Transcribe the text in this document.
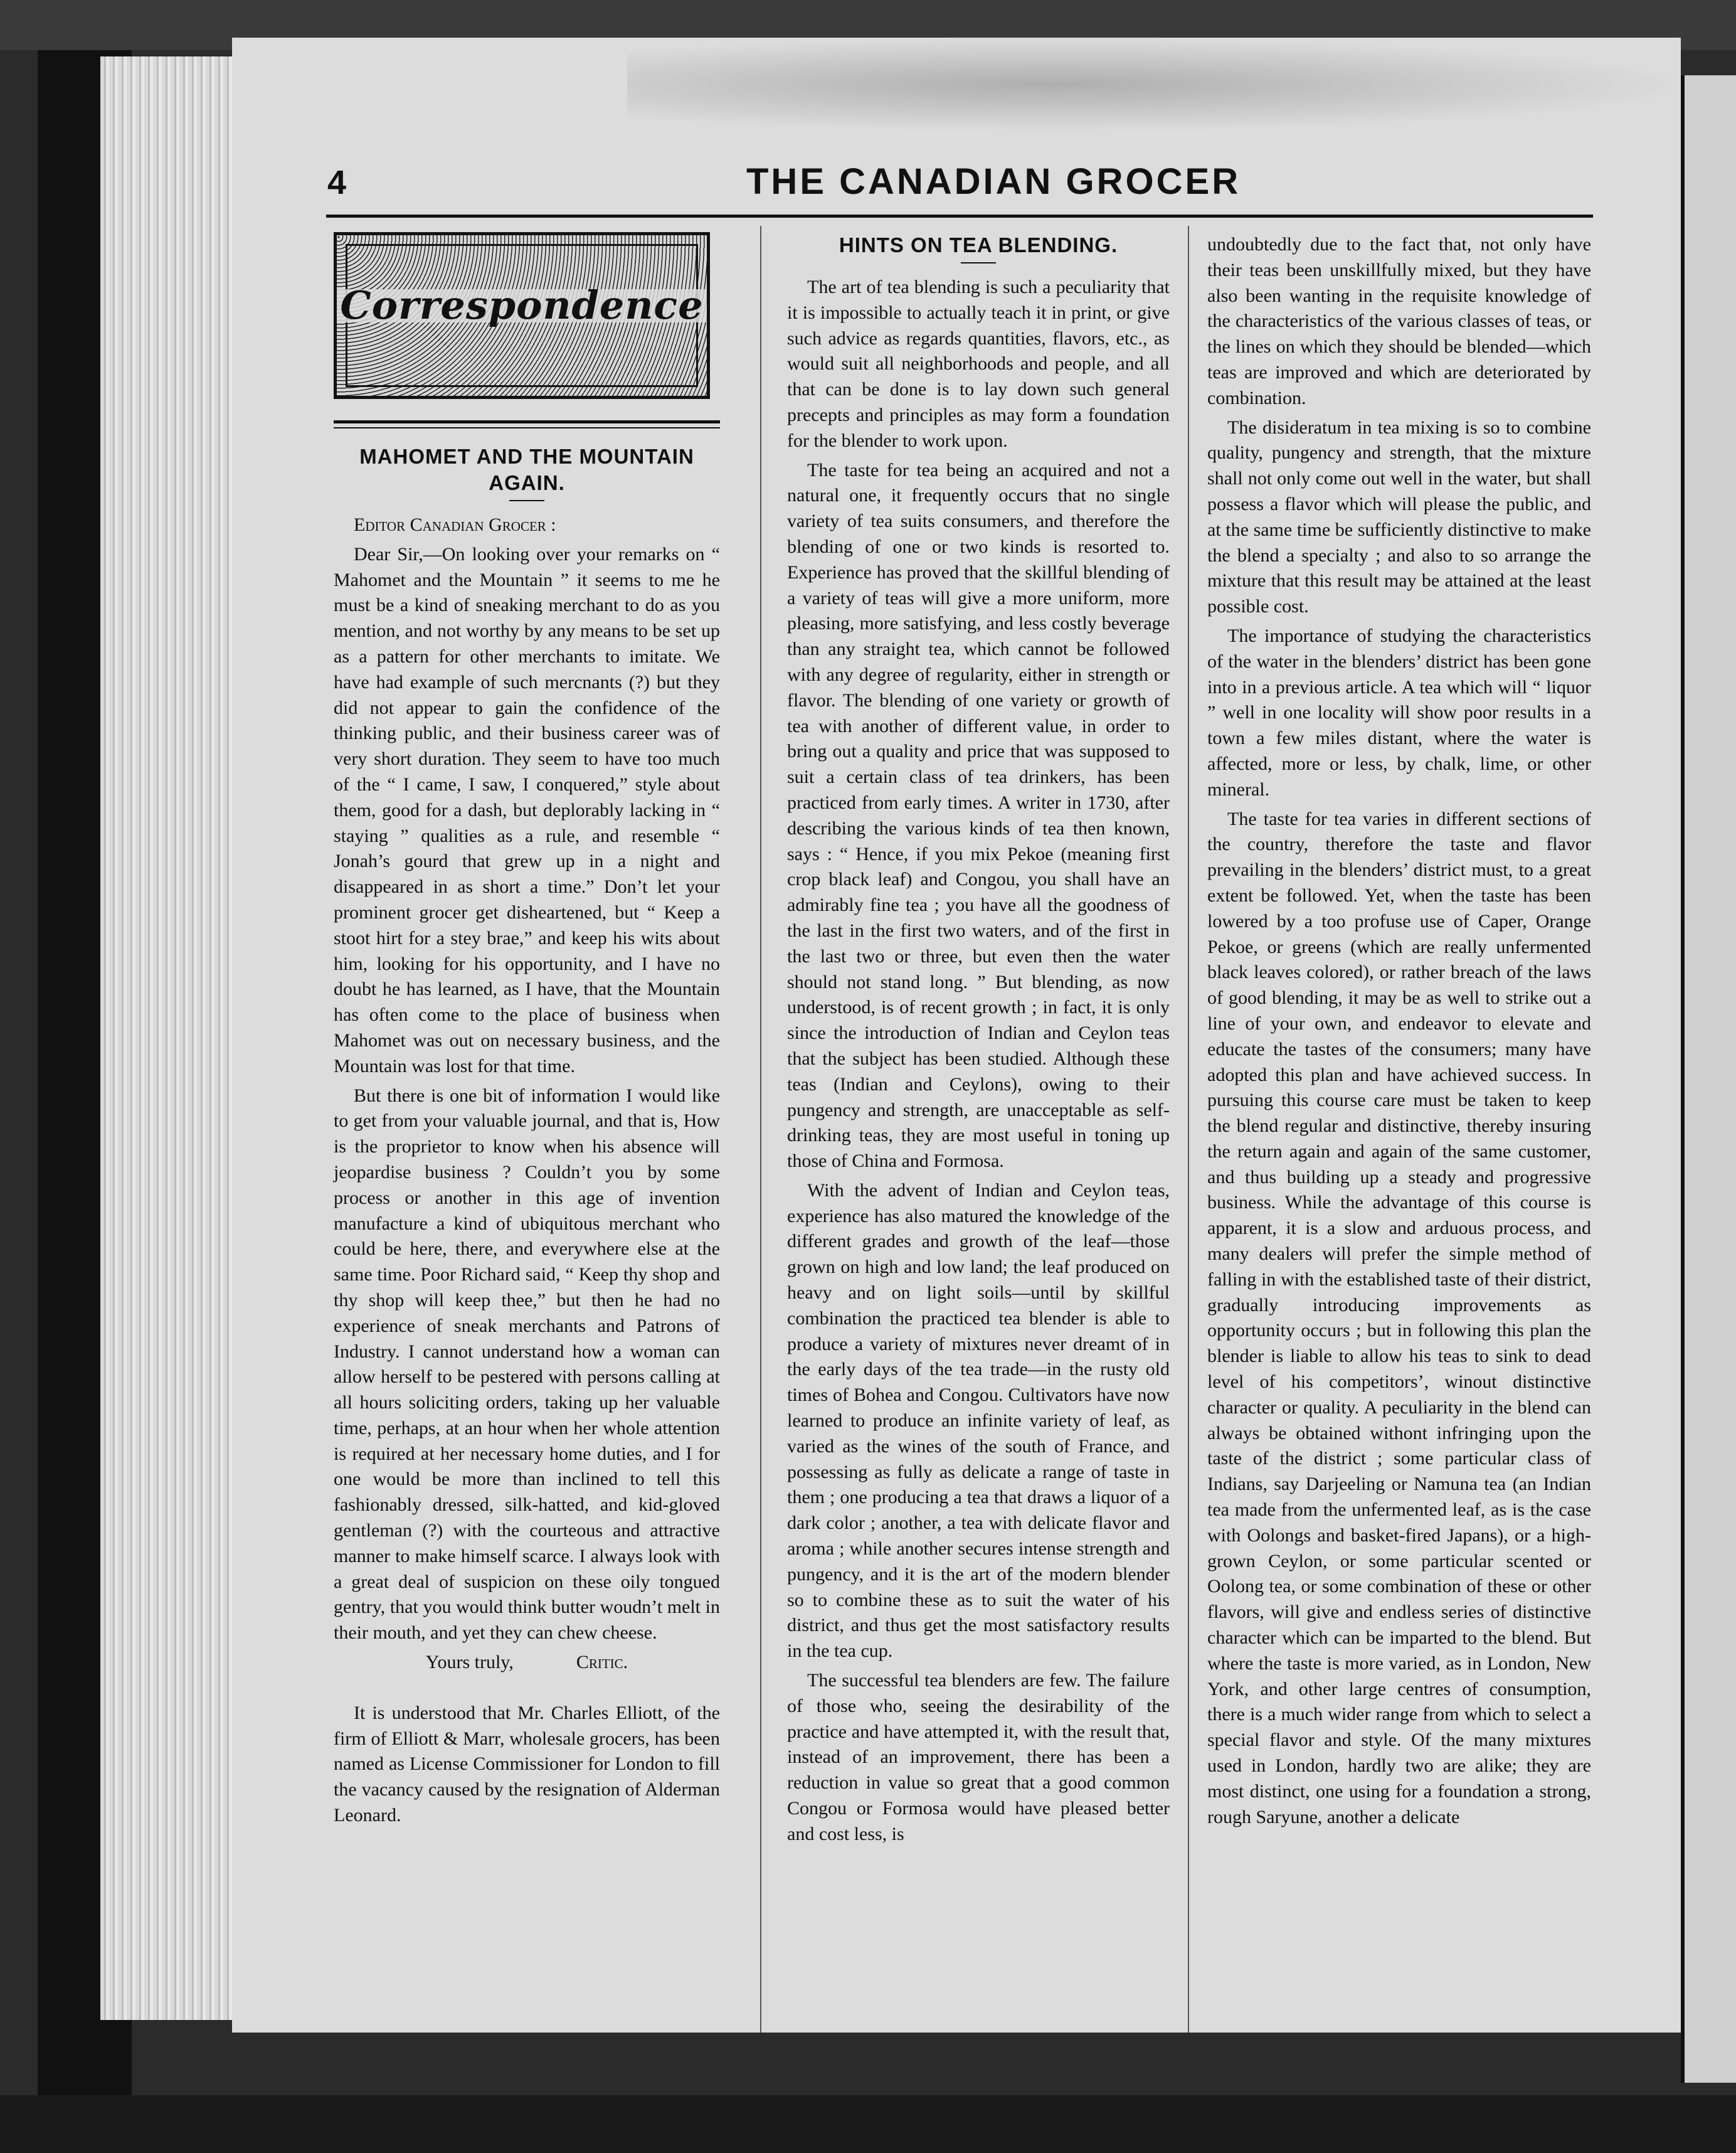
4	THE CANADIAN GROCER
Correspondence
MAHOMET AND THE MOUNTAIN AGAIN.

Editor Canadian Grocer :

Dear Sir,—On looking over your remarks on “ Mahomet and the Mountain ” it seems to me he must be a kind of sneaking merchant to do as you mention, and not worthy by any means to be set up as a pattern for other merchants to imitate. We have had example of such mercnants (?) but they did not appear to gain the confidence of the thinking public, and their business career was of very short duration. They seem to have too much of the “ I came, I saw, I conquered,” style about them, good for a dash, but deplorably lacking in “ staying ” qualities as a rule, and resemble “ Jonah’s gourd that grew up in a night and disappeared in as short a time.” Don’t let your prominent grocer get disheartened, but “ Keep a stoot hirt for a stey brae,” and keep his wits about him, looking for his opportunity, and I have no doubt he has learned, as I have, that the Mountain has often come to the place of business when Mahomet was out on necessary business, and the Mountain was lost for that time.

But there is one bit of information I would like to get from your valuable journal, and that is, How is the proprietor to know when his absence will jeopardise business ? Couldn’t you by some process or another in this age of invention manufacture a kind of ubiquitous merchant who could be here, there, and everywhere else at the same time. Poor Richard said, “ Keep thy shop and thy shop will keep thee,” but then he had no experience of sneak merchants and Patrons of Industry. I cannot understand how a woman can allow herself to be pestered with persons calling at all hours soliciting orders, taking up her valuable time, perhaps, at an hour when her whole attention is required at her necessary home duties, and I for one would be more than inclined to tell this fashionably dressed, silk-hatted, and kid-gloved gentleman (?) with the courteous and attractive manner to make himself scarce. I always look with a great deal of suspicion on these oily tongued gentry, that you would think butter woudn’t melt in their mouth, and yet they can chew cheese.

Yours truly,	Critic.

It is understood that Mr. Charles Elliott, of the firm of Elliott & Marr, wholesale grocers, has been named as License Commissioner for London to fill the vacancy caused by the resignation of Alderman Leonard.

HINTS ON TEA BLENDING.

The art of tea blending is such a peculiarity that it is impossible to actually teach it in print, or give such advice as regards quantities, flavors, etc., as would suit all neighborhoods and people, and all that can be done is to lay down such general precepts and principles as may form a foundation for the blender to work upon.

The taste for tea being an acquired and not a natural one, it frequently occurs that no single variety of tea suits consumers, and therefore the blending of one or two kinds is resorted to. Experience has proved that the skillful blending of a variety of teas will give a more uniform, more pleasing, more satisfying, and less costly beverage than any straight tea, which cannot be followed with any degree of regularity, either in strength or flavor. The blending of one variety or growth of tea with another of different value, in order to bring out a quality and price that was supposed to suit a certain class of tea drinkers, has been practiced from early times. A writer in 1730, after describing the various kinds of tea then known, says : “ Hence, if you mix Pekoe (meaning first crop black leaf) and Congou, you shall have an admirably fine tea ; you have all the goodness of the last in the first two waters, and of the first in the last two or three, but even then the water should not stand long. ” But blending, as now understood, is of recent growth ; in fact, it is only since the introduction of Indian and Ceylon teas that the subject has been studied. Although these teas (Indian and Ceylons), owing to their pungency and strength, are unacceptable as self-drinking teas, they are most useful in toning up those of China and Formosa.

With the advent of Indian and Ceylon teas, experience has also matured the knowledge of the different grades and growth of the leaf—those grown on high and low land; the leaf produced on heavy and on light soils—until by skillful combination the practiced tea blender is able to produce a variety of mixtures never dreamt of in the early days of the tea trade—in the rusty old times of Bohea and Congou. Cultivators have now learned to produce an infinite variety of leaf, as varied as the wines of the south of France, and possessing as fully as delicate a range of taste in them ; one producing a tea that draws a liquor of a dark color ; another, a tea with delicate flavor and aroma ; while another secures intense strength and pungency, and it is the art of the modern blender so to combine these as to suit the water of his district, and thus get the most satisfactory results in the tea cup.

The successful tea blenders are few. The failure of those who, seeing the desirability of the practice and have attempted it, with the result that, instead of an improvement, there has been a reduction in value so great that a good common Congou or Formosa would have pleased better and cost less, is

undoubtedly due to the fact that, not only have their teas been unskillfully mixed, but they have also been wanting in the requisite knowledge of the characteristics of the various classes of teas, or the lines on which they should be blended—which teas are improved and which are deteriorated by combination.

The disideratum in tea mixing is so to combine quality, pungency and strength, that the mixture shall not only come out well in the water, but shall possess a flavor which will please the public, and at the same time be sufficiently distinctive to make the blend a specialty ; and also to so arrange the mixture that this result may be attained at the least possible cost.

The importance of studying the characteristics of the water in the blenders’ district has been gone into in a previous article. A tea which will “ liquor ” well in one locality will show poor results in a town a few miles distant, where the water is affected, more or less, by chalk, lime, or other mineral.

The taste for tea varies in different sections of the country, therefore the taste and flavor prevailing in the blenders’ district must, to a great extent be followed. Yet, when the taste has been lowered by a too profuse use of Caper, Orange Pekoe, or greens (which are really unfermented black leaves colored), or rather breach of the laws of good blending, it may be as well to strike out a line of your own, and endeavor to elevate and educate the tastes of the consumers; many have adopted this plan and have achieved success. In pursuing this course care must be taken to keep the blend regular and distinctive, thereby insuring the return again and again of the same customer, and thus building up a steady and progressive business. While the advantage of this course is apparent, it is a slow and arduous process, and many dealers will prefer the simple method of falling in with the established taste of their district, gradually introducing improvements as opportunity occurs ; but in following this plan the blender is liable to allow his teas to sink to dead level of his competitors’, winout distinctive character or quality. A peculiarity in the blend can always be obtained withont infringing upon the taste of the district ; some particular class of Indians, say Darjeeling or Namuna tea (an Indian tea made from the unfermented leaf, as is the case with Oolongs and basket-fired Japans), or a high-grown Ceylon, or some particular scented or Oolong tea, or some combination of these or other flavors, will give and endless series of distinctive character which can be imparted to the blend. But where the taste is more varied, as in London, New York, and other large centres of consumption, there is a much wider range from which to select a special flavor and style. Of the many mixtures used in London, hardly two are alike; they are most distinct, one using for a foundation a strong, rough Saryune, another a delicate
